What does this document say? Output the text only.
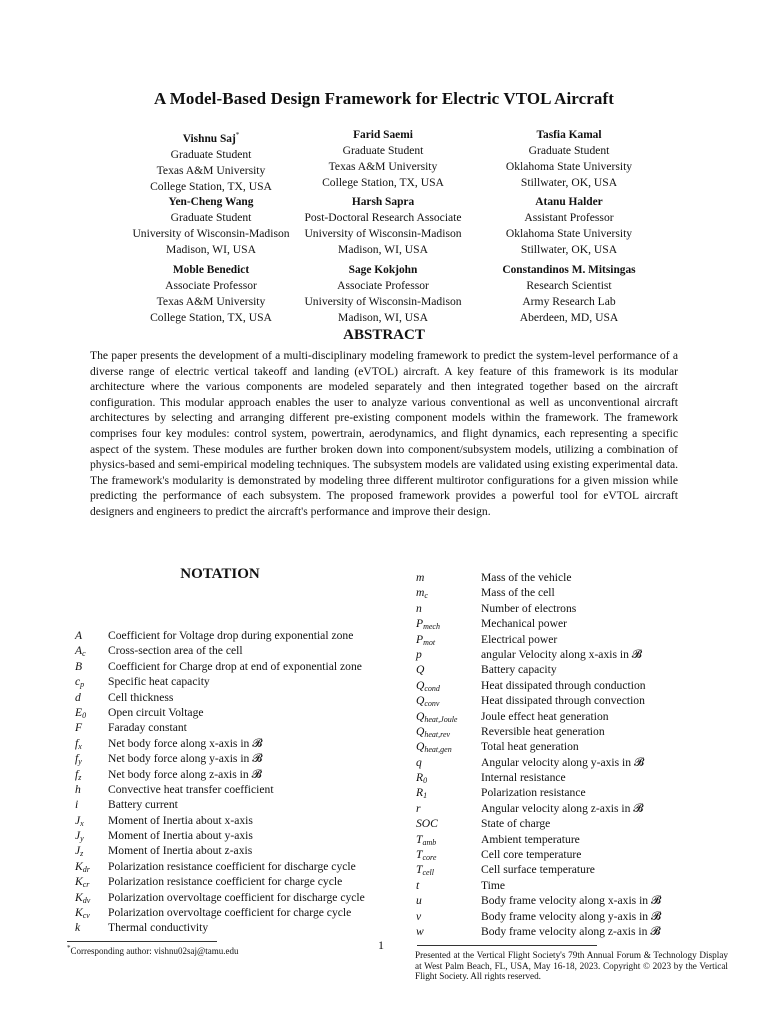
A Model-Based Design Framework for Electric VTOL Aircraft
Vishnu Saj*
Graduate Student
Texas A&M University
College Station, TX, USA
Farid Saemi
Graduate Student
Texas A&M University
College Station, TX, USA
Tasfia Kamal
Graduate Student
Oklahoma State University
Stillwater, OK, USA
Yen-Cheng Wang
Graduate Student
University of Wisconsin-Madison
Madison, WI, USA
Harsh Sapra
Post-Doctoral Research Associate
University of Wisconsin-Madison
Madison, WI, USA
Atanu Halder
Assistant Professor
Oklahoma State University
Stillwater, OK, USA
Moble Benedict
Associate Professor
Texas A&M University
College Station, TX, USA
Sage Kokjohn
Associate Professor
University of Wisconsin-Madison
Madison, WI, USA
Constandinos M. Mitsingas
Research Scientist
Army Research Lab
Aberdeen, MD, USA
ABSTRACT
The paper presents the development of a multi-disciplinary modeling framework to predict the system-level performance of a diverse range of electric vertical takeoff and landing (eVTOL) aircraft. A key feature of this framework is its modular architecture where the various components are modeled separately and then integrated together based on the aircraft configuration. This modular approach enables the user to analyze various conventional as well as unconventional aircraft architectures by selecting and arranging different pre-existing component models within the framework. The framework comprises four key modules: control system, powertrain, aerodynamics, and flight dynamics, each representing a specific aspect of the system. These modules are further broken down into component/subsystem models, utilizing a combination of physics-based and semi-empirical modeling techniques. The subsystem models are validated using existing experimental data. The framework's modularity is demonstrated by modeling three different multirotor configurations for a given mission while predicting the performance of each subsystem. The proposed framework provides a powerful tool for eVTOL aircraft designers and engineers to predict the aircraft's performance and improve their design.
NOTATION
A Coefficient for Voltage drop during exponential zone
$A_c$ Cross-section area of the cell
B Coefficient for Charge drop at end of exponential zone
$c_p$ Specific heat capacity
d Cell thickness
$E_0$ Open circuit Voltage
F Faraday constant
$f_x$ Net body force along x-axis in 𝓑
$f_y$ Net body force along y-axis in 𝓑
$f_z$ Net body force along z-axis in 𝓑
h Convective heat transfer coefficient
i	Battery current
$J_x$ Moment of Inertia about x-axis
$J_y$ Moment of Inertia about y-axis
$J_z$ Moment of Inertia about z-axis
$K_{dr}$ Polarization resistance coefficient for discharge cycle
$K_{cr}$ Polarization resistance coefficient for charge cycle
$K_{dv}$ Polarization overvoltage coefficient for discharge cycle
$K_{cv}$ Polarization overvoltage coefficient for charge cycle
k Thermal conductivity
m	Mass of the vehicle
$m_c$	Mass of the cell
n	Number of electrons
$P_{mech}$	Mechanical power
$P_{mot}$	Electrical power
p	angular Velocity along x-axis in 𝓑
Q	Battery capacity
$Q_{cond}$	Heat dissipated through conduction
$Q_{conv}$	Heat dissipated through convection
$Q_{heat,Joule}$ Joule effect heat generation
$Q_{heat,rev}$	Reversible heat generation
$Q_{heat,gen}$	Total heat generation
q	Angular velocity along y-axis in 𝓑
$R_0$	Internal resistance
$R_1$	Polarization resistance
r	Angular velocity along z-axis in 𝓑
SOC	State of charge
$T_{amb}$	Ambient temperature
$T_{core}$	Cell core temperature
$T_{cell}$	Cell surface temperature
t	Time
u	Body frame velocity along x-axis in 𝓑
v	Body frame velocity along y-axis in 𝓑
w	Body frame velocity along z-axis in 𝓑
*Corresponding author: vishnu02saj@tamu.edu	1
Presented at the Vertical Flight Society's 79th Annual Forum & Technology Display at West Palm Beach, FL, USA, May 16-18, 2023. Copyright © 2023 by the Vertical Flight Society. All rights reserved.
